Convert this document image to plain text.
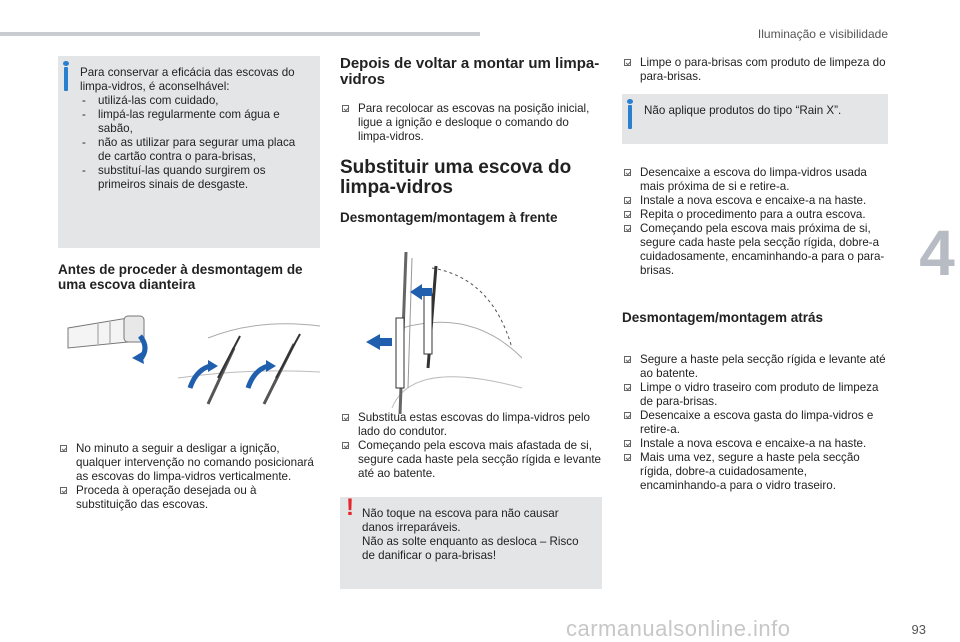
Iluminação e visibilidade
4

Para conservar a eficácia das escovas do limpa-vidros, é aconselhável:

- utilizá-las com cuidado,
- limpá-las regularmente com água e sabão,
- não as utilizar para segurar uma placa de cartão contra o para-brisas,
- substituí-las quando surgirem os primeiros sinais de desgaste.
Antes de proceder à desmontagem de uma escova dianteira
No minuto a seguir a desligar a ignição, qualquer intervenção no comando posicionará as escovas do limpa-vidros verticalmente.
Proceda à operação desejada ou à substituição das escovas.
Depois de voltar a montar um limpa-vidros
Para recolocar as escovas na posição inicial, ligue a ignição e desloque o comando do limpa-vidros.
Substituir uma escova do limpa-vidros
Desmontagem/montagem à frente
Substitua estas escovas do limpa-vidros pelo lado do condutor.
Começando pela escova mais afastada de si, segure cada haste pela secção rígida e levante até ao batente.
! Não toque na escova para não causar danos irreparáveis.

Não as solte enquanto as desloca – Risco de danificar o para-brisas!

Limpe o para-brisas com produto de limpeza do para-brisas.

Não aplique produtos do tipo “Rain X”.

Desencaixe a escova do limpa-vidros usada mais próxima de si e retire-a.
Instale a nova escova e encaixe-a na haste.
Repita o procedimento para a outra escova.
Começando pela escova mais próxima de si, segure cada haste pela secção rígida, dobre-a cuidadosamente, encaminhando-a para o para-brisas.
Desmontagem/montagem atrás
Segure a haste pela secção rígida e levante até ao batente.
Limpe o vidro traseiro com produto de limpeza de para-brisas.
Desencaixe a escova gasta do limpa-vidros e retire-a.
Instale a nova escova e encaixe-a na haste.
Mais uma vez, segure a haste pela secção rígida, dobre-a cuidadosamente, encaminhando-a para o vidro traseiro.
carmanualsonline.info	93
